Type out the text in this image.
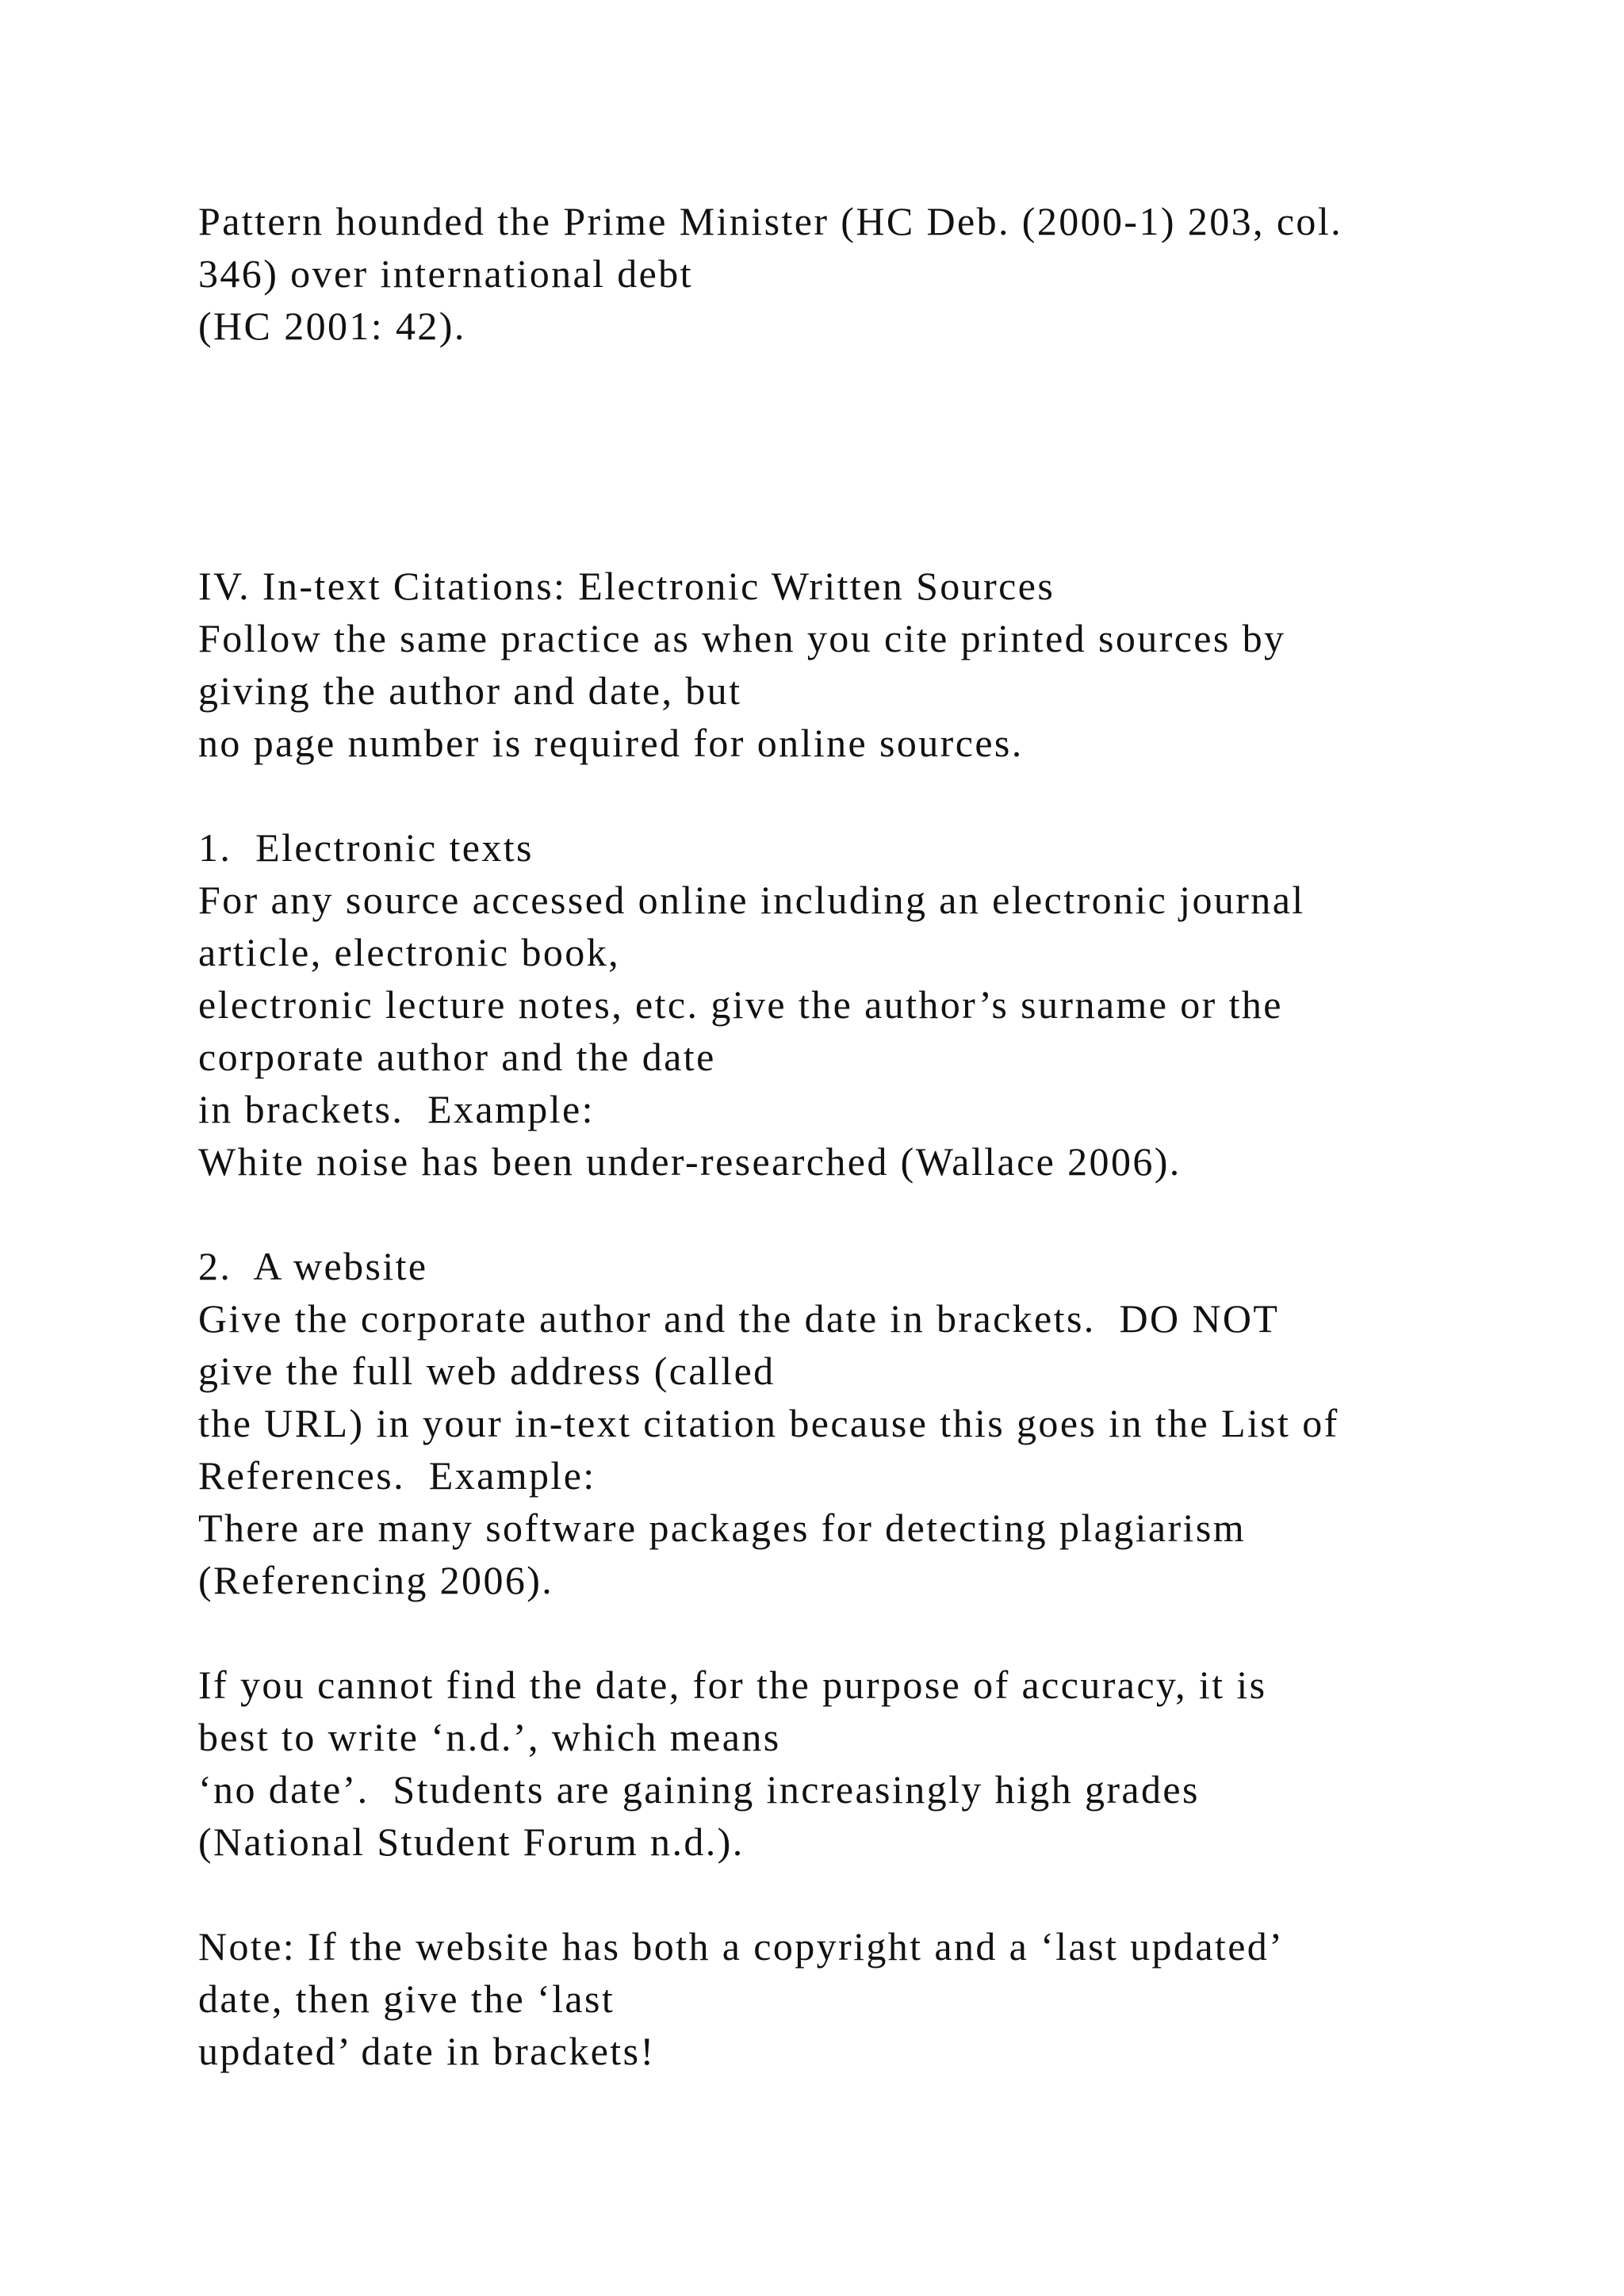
Pattern hounded the Prime Minister (HC Deb. (2000-1) 203, col.
346) over international debt
(HC 2001: 42).
IV. In-text Citations: Electronic Written Sources
Follow the same practice as when you cite printed sources by
giving the author and date, but
no page number is required for online sources.
1.  Electronic texts
For any source accessed online including an electronic journal
article, electronic book,
electronic lecture notes, etc. give the author’s surname or the
corporate author and the date
in brackets.  Example:
White noise has been under-researched (Wallace 2006).
2.  A website
Give the corporate author and the date in brackets.  DO NOT
give the full web address (called
the URL) in your in-text citation because this goes in the List of
References.  Example:
There are many software packages for detecting plagiarism
(Referencing 2006).
If you cannot find the date, for the purpose of accuracy, it is
best to write ‘n.d.’, which means
‘no date’.  Students are gaining increasingly high grades
(National Student Forum n.d.).
Note: If the website has both a copyright and a ‘last updated’
date, then give the ‘last
updated’ date in brackets!
